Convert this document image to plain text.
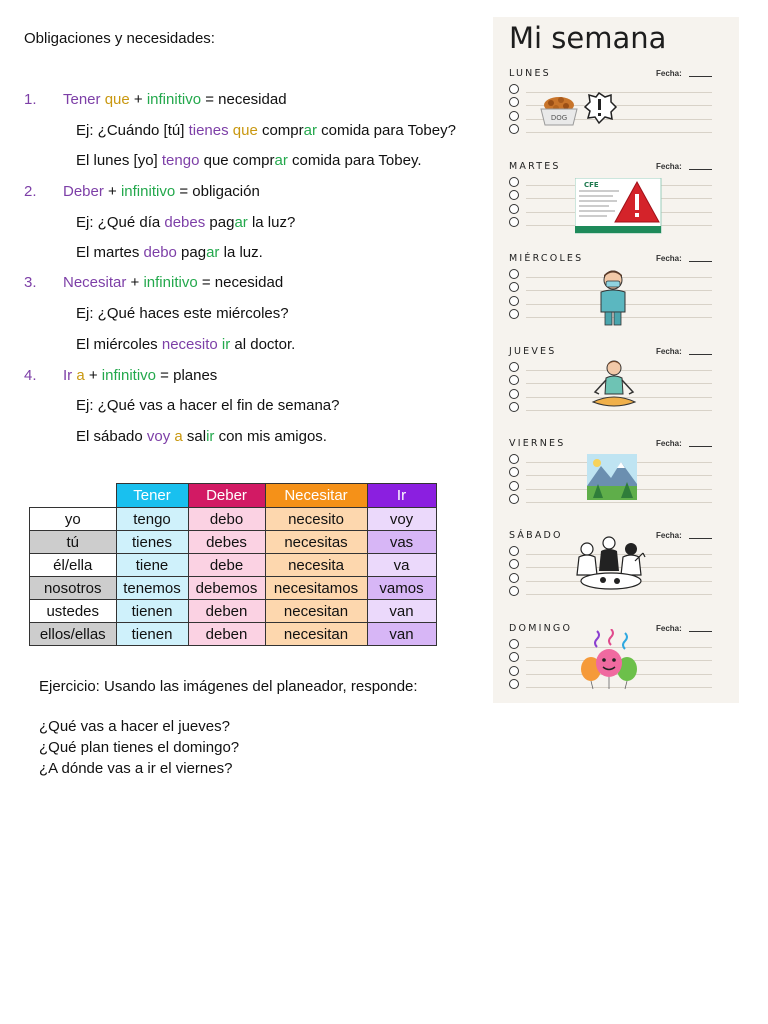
Obligaciones y necesidades:
1. Tener que + infinitivo = necesidad
Ej: ¿Cuándo [tú] tienes que comprar comida para Tobey?
El lunes [yo] tengo que comprar comida para Tobey.
2. Deber + infinitivo = obligación
Ej: ¿Qué día debes pagar la luz?
El martes debo pagar la luz.
3. Necesitar + infinitivo = necesidad
Ej: ¿Qué haces este miércoles?
El miércoles necesito ir al doctor.
4. Ir a + infinitivo = planes
Ej: ¿Qué vas a hacer el fin de semana?
El sábado voy a salir con mis amigos.
	Tener	Deber	Necesitar	Ir
yo	tengo	debo	necesito	voy
tú	tienes	debes	necesitas	vas
él/ella	tiene	debe	necesita	va
nosotros	tenemos	debemos	necesitamos	vamos
ustedes	tienen	deben	necesitan	van
ellos/ellas	tienen	deben	necesitan	van
Ejercicio: Usando las imágenes del planeador, responde:
¿Qué vas a hacer el jueves?
¿Qué plan tienes el domingo?
¿A dónde vas a ir el viernes?
Mi semana
LUNES	Fecha:
DOG
MARTES	Fecha:
CFE
MIÉRCOLES	Fecha:
JUEVES	Fecha:
VIERNES	Fecha:
SÁBADO	Fecha:
DOMINGO	Fecha:
